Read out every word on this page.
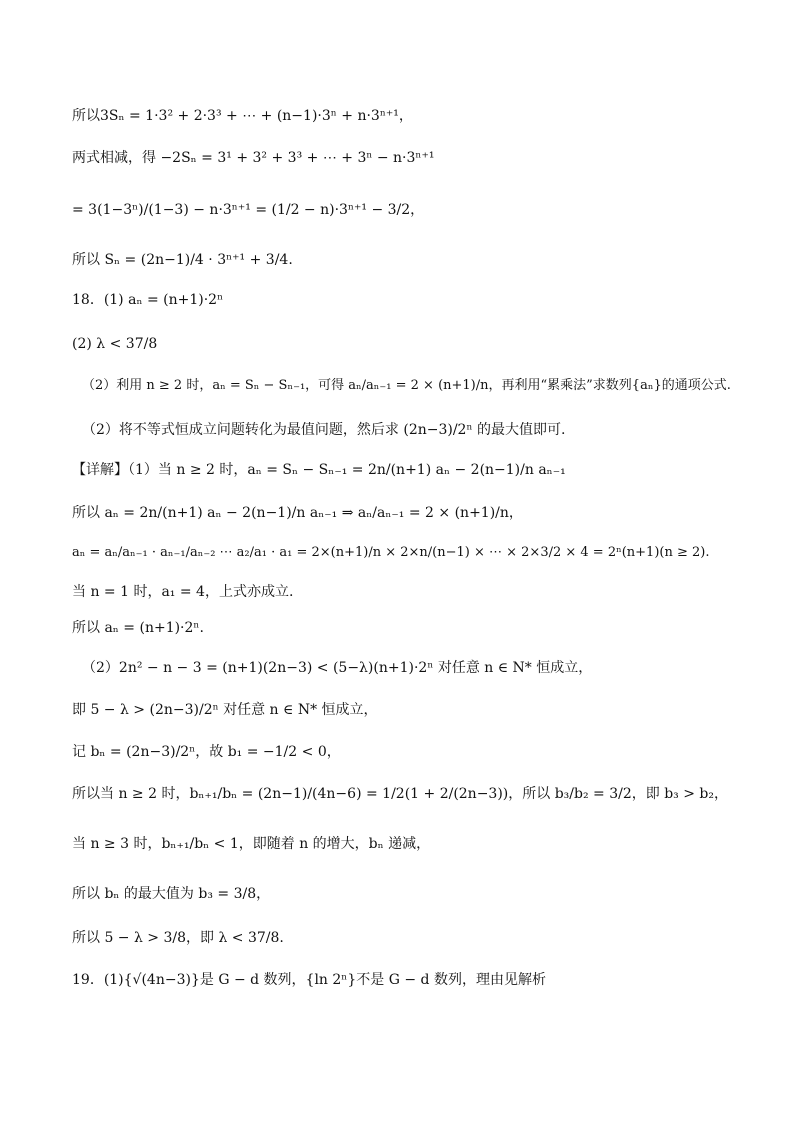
所以3Sₙ = 1·3² + 2·3³ + ⋯ + (n−1)·3ⁿ + n·3ⁿ⁺¹，
两式相减，得 −2Sₙ = 3¹ + 3² + 3³ + ⋯ + 3ⁿ − n·3ⁿ⁺¹
= 3(1−3ⁿ)/(1−3) − n·3ⁿ⁺¹ = (1/2 − n)·3ⁿ⁺¹ − 3/2，
所以 Sₙ = (2n−1)/4 · 3ⁿ⁺¹ + 3/4.
18．(1) aₙ = (n+1)·2ⁿ
(2) λ < 37/8
（2）利用 n ≥ 2 时，aₙ = Sₙ − Sₙ₋₁，可得 aₙ/aₙ₋₁ = 2 × (n+1)/n，再利用“累乘法”求数列{aₙ}的通项公式.
（2）将不等式恒成立问题转化为最值问题，然后求 (2n−3)/2ⁿ 的最大值即可.
【详解】（1）当 n ≥ 2 时，aₙ = Sₙ − Sₙ₋₁ = 2n/(n+1) aₙ − 2(n−1)/n aₙ₋₁
所以 aₙ = 2n/(n+1) aₙ − 2(n−1)/n aₙ₋₁ ⇒ aₙ/aₙ₋₁ = 2 × (n+1)/n，
aₙ = aₙ/aₙ₋₁ · aₙ₋₁/aₙ₋₂ ⋯ a₂/a₁ · a₁ = 2×(n+1)/n × 2×n/(n−1) × ⋯ × 2×3/2 × 4 = 2ⁿ(n+1)(n ≥ 2).
当 n = 1 时，a₁ = 4，上式亦成立.
所以 aₙ = (n+1)·2ⁿ.
（2）2n² − n − 3 = (n+1)(2n−3) < (5−λ)(n+1)·2ⁿ 对任意 n ∈ N* 恒成立，
即 5 − λ > (2n−3)/2ⁿ 对任意 n ∈ N* 恒成立，
记 bₙ = (2n−3)/2ⁿ，故 b₁ = −1/2 < 0，
所以当 n ≥ 2 时，bₙ₊₁/bₙ = (2n−1)/(4n−6) = 1/2(1 + 2/(2n−3))，所以 b₃/b₂ = 3/2，即 b₃ > b₂，
当 n ≥ 3 时，bₙ₊₁/bₙ < 1，即随着 n 的增大，bₙ 递减，
所以 bₙ 的最大值为 b₃ = 3/8，
所以 5 − λ > 3/8，即 λ < 37/8.
19．(1){√(4n−3)}是 G − d 数列，{ln 2ⁿ}不是 G − d 数列，理由见解析
